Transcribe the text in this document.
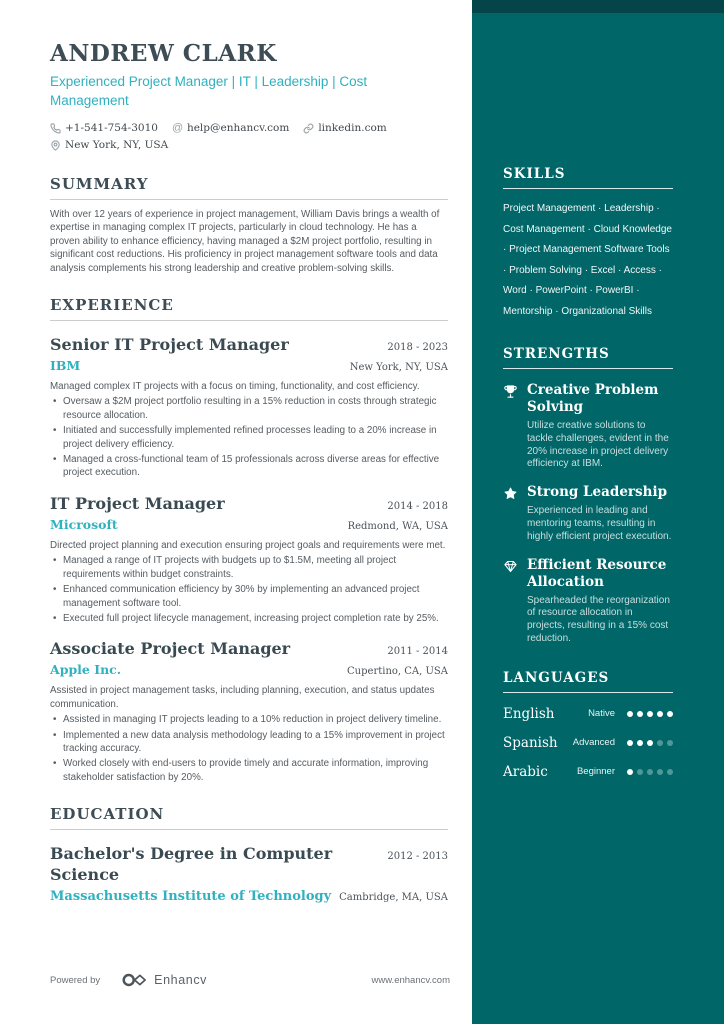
ANDREW CLARK
Experienced Project Manager | IT | Leadership | Cost Management
+1-541-754-3010 @ help@enhancv.com	linkedin.com
New York, NY, USA
SUMMARY
With over 12 years of experience in project management, William Davis brings a wealth of expertise in managing complex IT projects, particularly in cloud technology. He has a proven ability to enhance efficiency, having managed a $2M project portfolio, resulting in significant cost reductions. His proficiency in project management software tools and data analysis complements his strong leadership and creative problem-solving skills.
EXPERIENCE
Senior IT Project Manager	2018 - 2023
IBM	New York, NY, USA
Managed complex IT projects with a focus on timing, functionality, and cost efficiency.
• Oversaw a $2M project portfolio resulting in a 15% reduction in costs through strategic resource allocation.
• Initiated and successfully implemented refined processes leading to a 20% increase in project delivery efficiency.
• Managed a cross-functional team of 15 professionals across diverse areas for effective project execution.
IT Project Manager	2014 - 2018
Microsoft	Redmond, WA, USA
Directed project planning and execution ensuring project goals and requirements were met.
• Managed a range of IT projects with budgets up to $1.5M, meeting all project requirements within budget constraints.
• Enhanced communication efficiency by 30% by implementing an advanced project management software tool.
• Executed full project lifecycle management, increasing project completion rate by 25%.
Associate Project Manager	2011 - 2014
Apple Inc.	Cupertino, CA, USA
Assisted in project management tasks, including planning, execution, and status updates communication.
• Assisted in managing IT projects leading to a 10% reduction in project delivery timeline.
• Implemented a new data analysis methodology leading to a 15% improvement in project tracking accuracy.
• Worked closely with end-users to provide timely and accurate information, improving stakeholder satisfaction by 20%.
EDUCATION
Bachelor's Degree in Computer Science
2012 - 2013
Massachusetts Institute of Technology Cambridge, MA, USA
Powered by	Enhancv	www.enhancv.com
SKILLS
Project Management · Leadership · Cost Management · Cloud Knowledge · Project Management Software Tools · Problem Solving · Excel · Access · Word · PowerPoint · PowerBI · Mentorship · Organizational Skills
STRENGTHS
Creative Problem Solving
Utilize creative solutions to tackle challenges, evident in the 20% increase in project delivery efficiency at IBM.
Strong Leadership
Experienced in leading and mentoring teams, resulting in highly efficient project execution.
Efficient Resource Allocation
Spearheaded the reorganization of resource allocation in projects, resulting in a 15% cost reduction.
LANGUAGES
English	Native
Spanish Advanced
Arabic	Beginner
